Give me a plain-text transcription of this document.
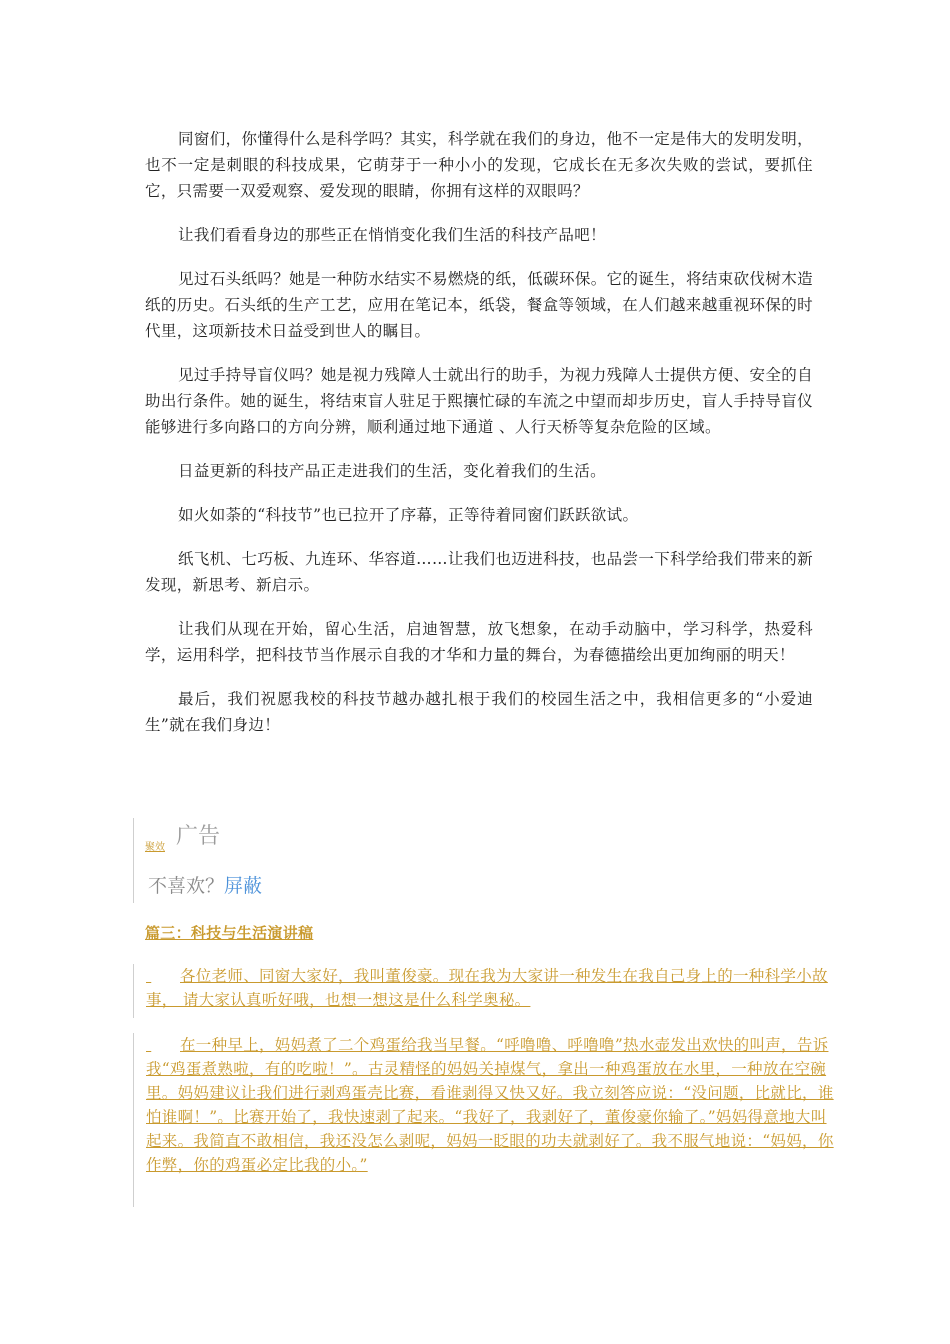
同窗们，你懂得什么是科学吗？其实，科学就在我们的身边，他不一定是伟大的发明发明，也不一定是刺眼的科技成果，它萌芽于一种小小的发现，它成长在无多次失败的尝试，要抓住它，只需要一双爱观察、爱发现的眼睛，你拥有这样的双眼吗？

让我们看看身边的那些正在悄悄变化我们生活的科技产品吧！

见过石头纸吗？她是一种防水结实不易燃烧的纸，低碳环保。它的诞生，将结束砍伐树木造纸的历史。石头纸的生产工艺，应用在笔记本，纸袋，餐盒等领域，在人们越来越重视环保的时代里，这项新技术日益受到世人的瞩目。

见过手持导盲仪吗？她是视力残障人士就出行的助手，为视力残障人士提供方便、安全的自助出行条件。她的诞生，将结束盲人驻足于熙攘忙碌的车流之中望而却步历史，盲人手持导盲仪能够进行多向路口的方向分辨，顺利通过地下通道 、人行天桥等复杂危险的区域。

日益更新的科技产品正走进我们的生活，变化着我们的生活。

如火如荼的“科技节”也已拉开了序幕，正等待着同窗们跃跃欲试。

纸飞机、七巧板、九连环、华容道……让我们也迈进科技，也品尝一下科学给我们带来的新发现，新思考、新启示。

让我们从现在开始，留心生活，启迪智慧，放飞想象，在动手动脑中，学习科学，热爱科学，运用科学，把科技节当作展示自我的才华和力量的舞台，为春德描绘出更加绚丽的明天！

最后，我们祝愿我校的科技节越办越扎根于我们的校园生活之中，我相信更多的“小爱迪生”就在我们身边！

聚效 广告
不喜欢？屏蔽
篇三：科技与生活演讲稿
各位老师、同窗大家好，我叫董俊豪。现在我为大家讲一种发生在我自己身上的一种科学小故事， 请大家认真听好哦，也想一想这是什么科学奥秘。
在一种早上，妈妈煮了二个鸡蛋给我当早餐。“呼噜噜、呼噜噜”热水壶发出欢快的叫声，告诉我“鸡蛋煮熟啦，有的吃啦！”。古灵精怪的妈妈关掉煤气，拿出一种鸡蛋放在水里，一种放在空碗里。妈妈建议让我们进行剥鸡蛋壳比赛，看谁剥得又快又好。我立刻答应说：“没问题，比就比，谁怕谁啊！”。比赛开始了，我快速剥了起来。“我好了，我剥好了，董俊豪你输了。”妈妈得意地大叫起来。我简直不敢相信，我还没怎么剥呢，妈妈一眨眼的功夫就剥好了。我不服气地说：“妈妈，你作弊，你的鸡蛋必定比我的小。”
